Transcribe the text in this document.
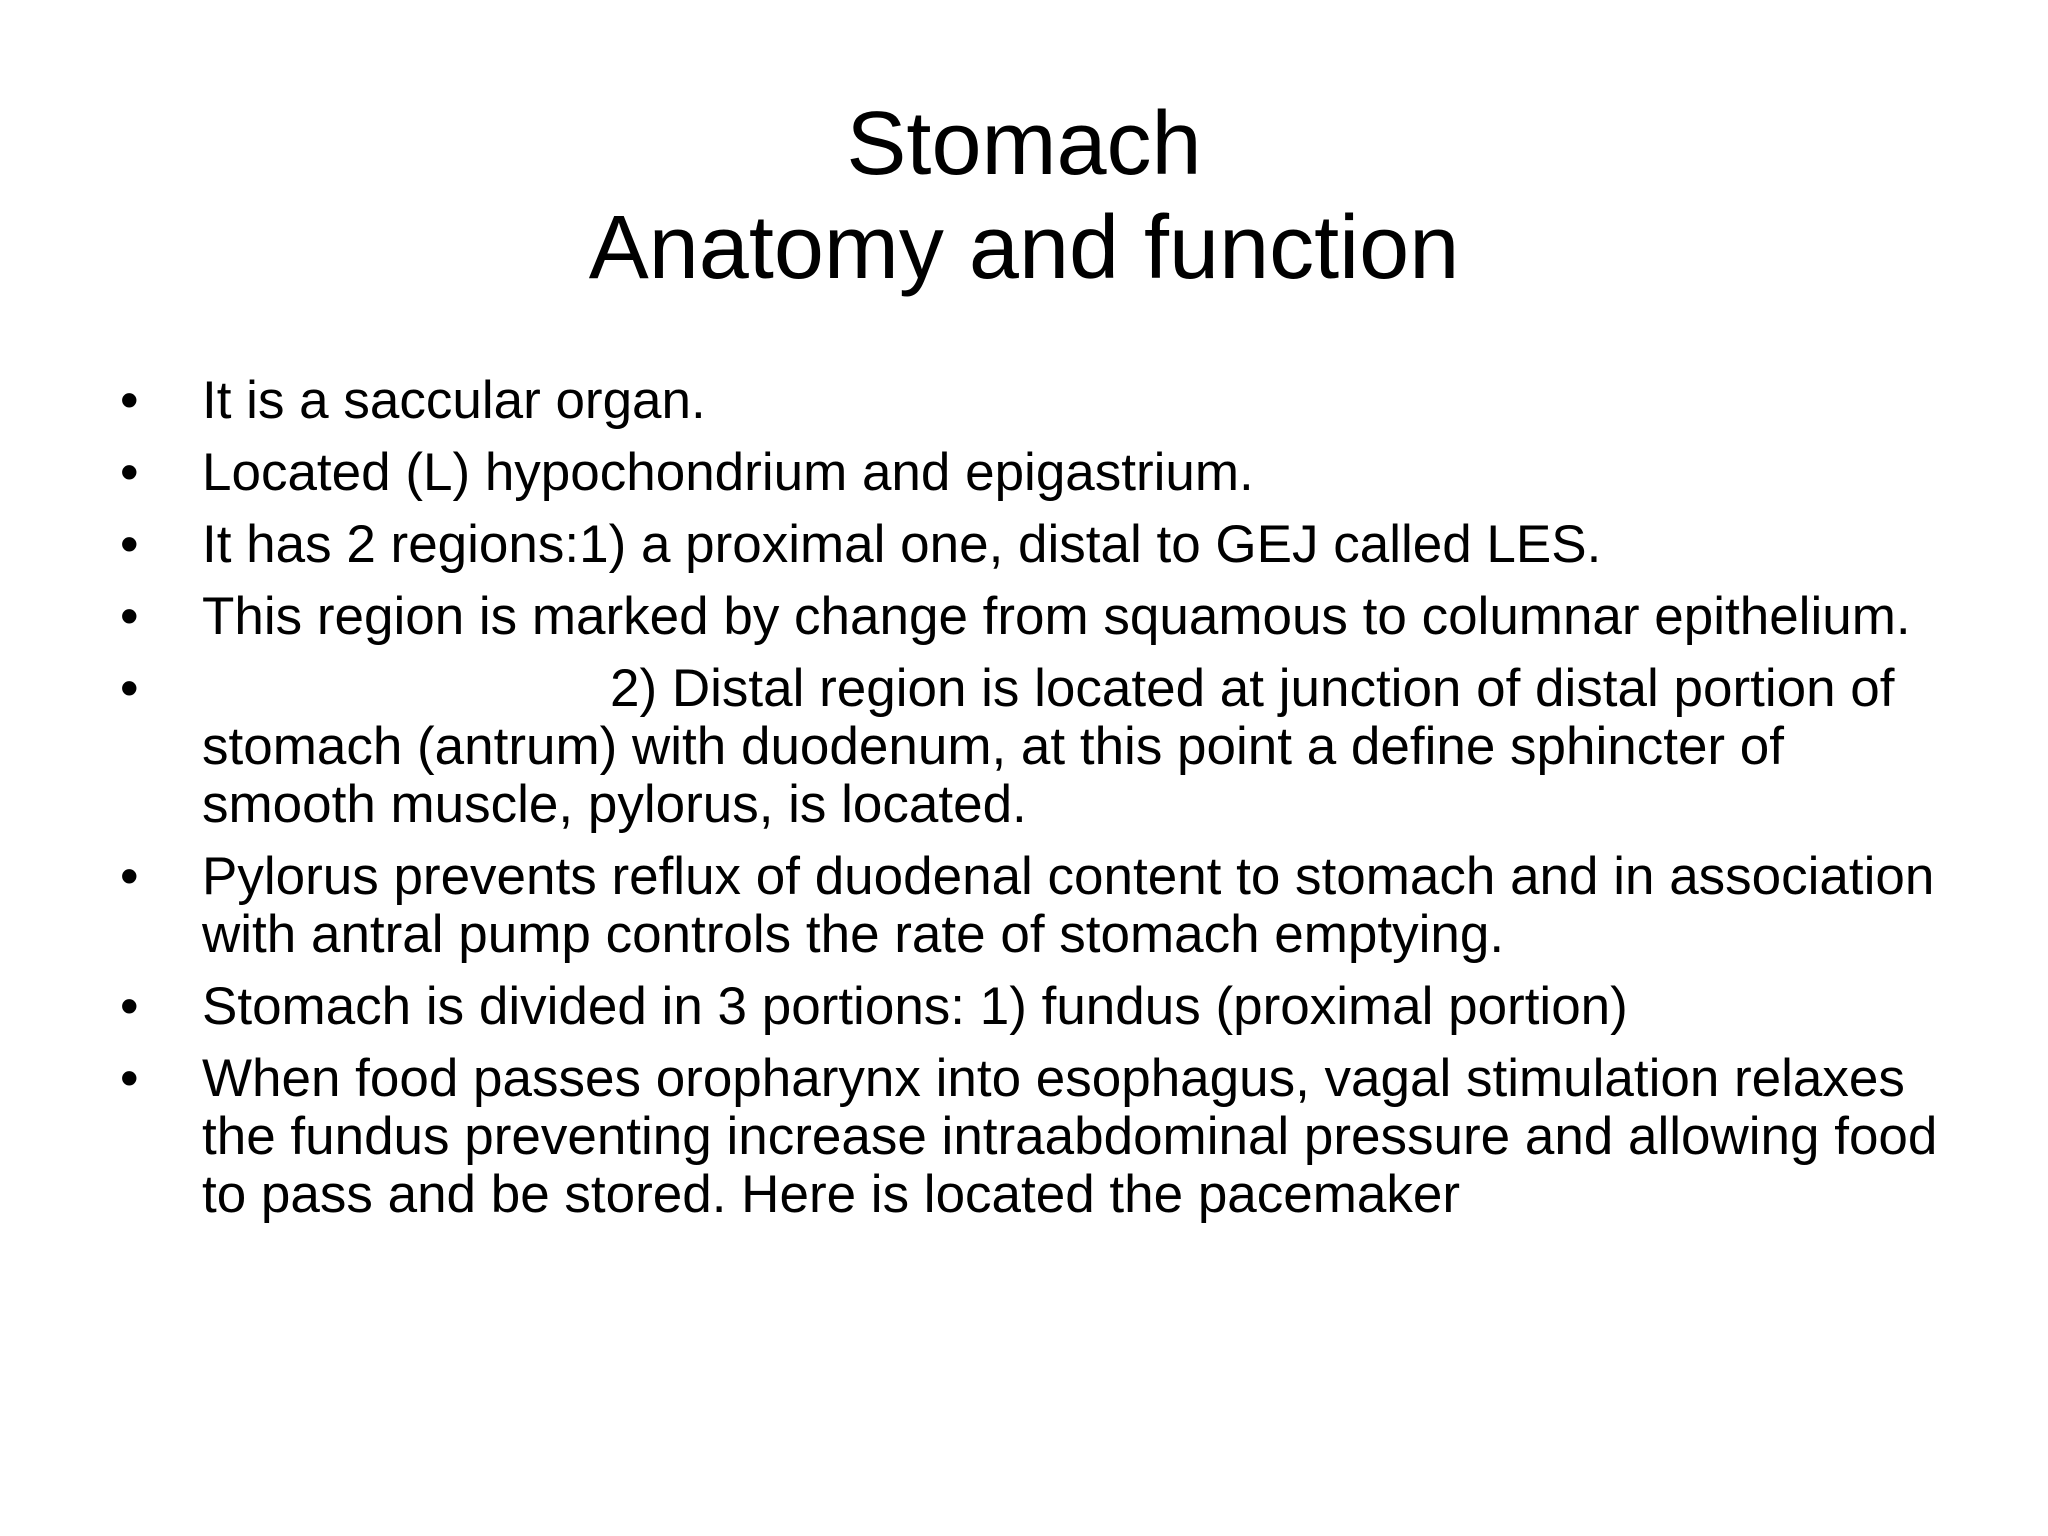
Stomach
Anatomy and function
•	It is a saccular organ.
•	Located (L) hypochondrium and epigastrium.
•	It has 2 regions:1) a proximal one, distal to GEJ called LES.
•	This region is marked by change from squamous to columnar epithelium.
•	2) Distal region is located at junction of distal portion of stomach (antrum) with duodenum, at this point a define sphincter of smooth muscle, pylorus, is located.
•	Pylorus prevents reflux of duodenal content to stomach and in association with antral pump controls the rate of stomach emptying.
•	Stomach is divided in 3 portions: 1) fundus (proximal portion)
•	When food passes oropharynx into esophagus, vagal stimulation relaxes the fundus preventing increase intraabdominal pressure and allowing food to pass and be stored. Here is located the pacemaker
